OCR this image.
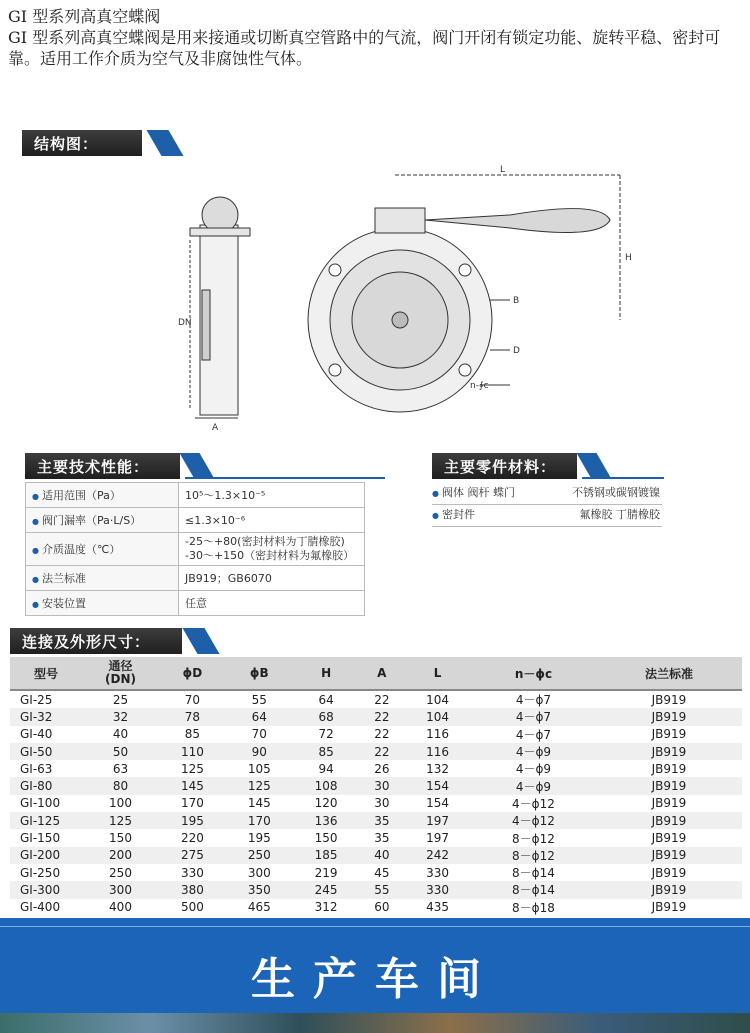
GI 型系列高真空蝶阀

GI 型系列高真空蝶阀是用来接通或切断真空管路中的气流，阀门开闭有锁定功能、旋转平稳、密封可靠。适用工作介质为空气及非腐蚀性气体。

结构图：
L
H
DN
A
B
D
n-∮c
主要技术性能：
● 适用范围（Pa）	10⁵～1.3×10⁻⁵
● 阀门漏率（Pa·L/S）	≤1.3×10⁻⁶
● 介质温度（℃）	-25～+80(密封材料为丁腈橡胶)
-30～+150（密封材料为氟橡胶）

● 法兰标准	JB919；GB6070
● 安装位置	任意
主要零件材料：
● 阀体 阀杆 蝶门	不锈钢或碳钢镀镍
● 密封件	氟橡胶 丁腈橡胶
连接及外形尺寸：
型号	通径
(DN)	ϕD	ϕB	H	A	L	n－ϕc	法兰标准
GI-25	25	70	55	64	22	104	4－ϕ7	JB919
GI-32	32	78	64	68	22	104	4－ϕ7	JB919
GI-40	40	85	70	72	22	116	4－ϕ7	JB919
GI-50	50	110	90	85	22	116	4－ϕ9	JB919
GI-63	63	125	105	94	26	132	4－ϕ9	JB919
GI-80	80	145	125	108	30	154	4－ϕ9	JB919
GI-100	100	170	145	120	30	154	4－ϕ12	JB919
GI-125	125	195	170	136	35	197	4－ϕ12	JB919
GI-150	150	220	195	150	35	197	8－ϕ12	JB919
GI-200	200	275	250	185	40	242	8－ϕ12	JB919
GI-250	250	330	300	219	45	330	8－ϕ14	JB919
GI-300	300	380	350	245	55	330	8－ϕ14	JB919
GI-400	400	500	465	312	60	435	8－ϕ18	JB919
生产车间
